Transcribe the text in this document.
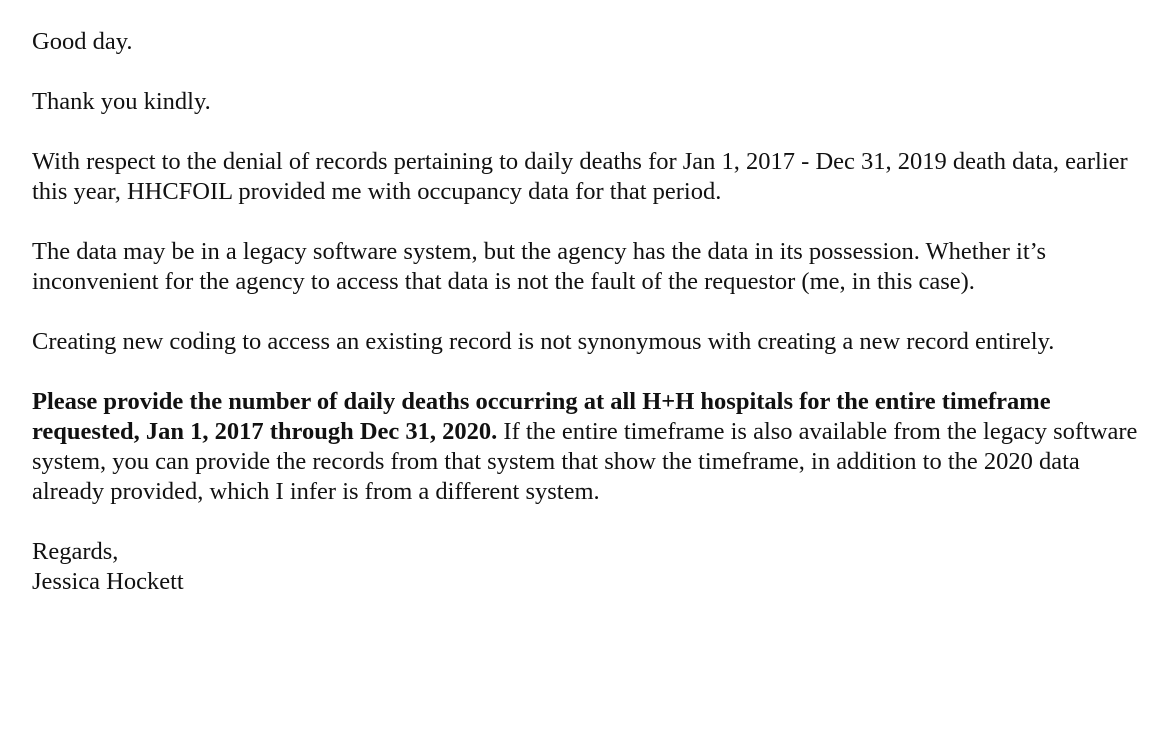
Good day.

Thank you kindly.

With respect to the denial of records pertaining to daily deaths for Jan 1, 2017 - Dec 31, 2019 death data, earlier this year, HHCFOIL provided me with occupancy data for that period.

The data may be in a legacy software system, but the agency has the data in its possession. Whether it’s inconvenient for the agency to access that data is not the fault of the requestor (me, in this case).

Creating new coding to access an existing record is not synonymous with creating a new record entirely.

Please provide the number of daily deaths occurring at all H+H hospitals for the entire timeframe requested, Jan 1, 2017 through Dec 31, 2020. If the entire timeframe is also available from the legacy software system, you can provide the records from that system that show the timeframe, in addition to the 2020 data already provided, which I infer is from a different system.

Regards,

Jessica Hockett
